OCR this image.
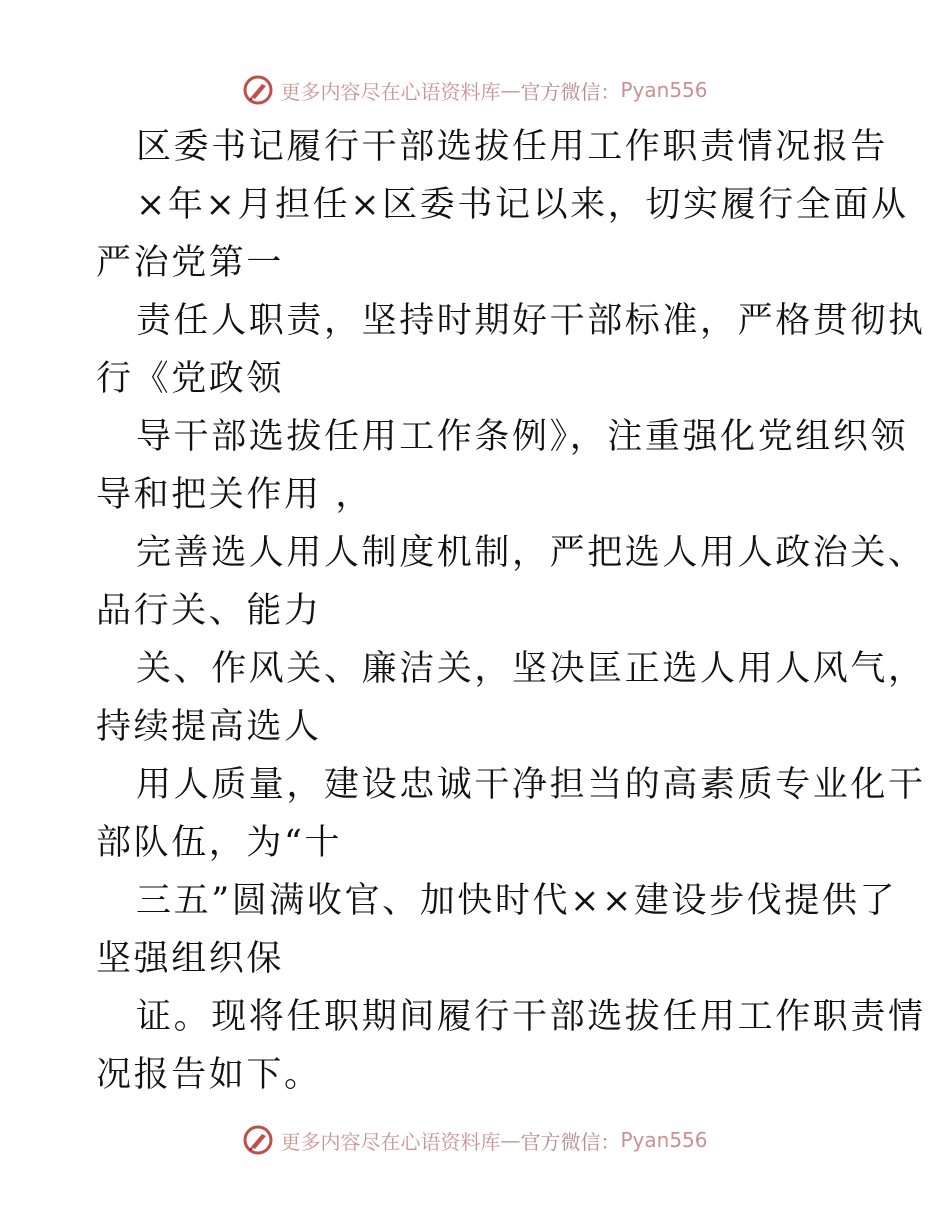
更多内容尽在心语资料库 — 官方微信： Pyan556
区委书记履行干部选拔任用工作职责情况报告
×年×月担任×区委书记以来，切实履行全面从
严治党第一
责任人职责，坚持时期好干部标准，严格贯彻执
行《党政领
导干部选拔任用工作条例》，注重强化党组织领
导和把关作用 ，
完善选人用人制度机制，严把选人用人政治关、
品行关、能力
关、作风关、廉洁关，坚决匡正选人用人风气，
持续提高选人
用人质量，建设忠诚干净担当的高素质专业化干
部队伍，为“十
三五”圆满收官、加快时代××建设步伐提供了
坚强组织保
证。现将任职期间履行干部选拔任用工作职责情
况报告如下。
更多内容尽在心语资料库 — 官方微信： Pyan556
